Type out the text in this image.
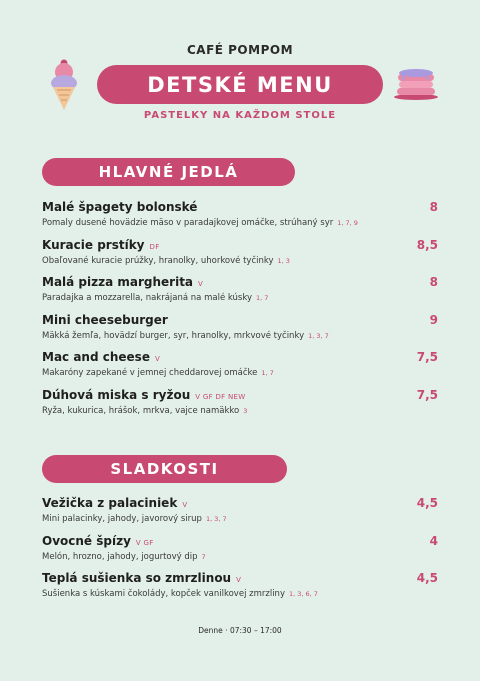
CAFÉ POMPOM
DETSKÉ MENU
PASTELKY NA KAŽDOM STOLE
HLAVNÉ JEDLÁ
Malé špagety bolonské	8
Pomaly dusené hovädzie mäso v paradajkovej omáčke, strúhaný syr 1, 7, 9
Kuracie prstíky DF	8,5
Obaľované kuracie prúžky, hranolky, uhorkové tyčinky 1, 3
Malá pizza margherita V	8
Paradajka a mozzarella, nakrájaná na malé kúsky 1, 7
Mini cheeseburger	9
Mäkká žemľa, hovädzí burger, syr, hranolky, mrkvové tyčinky 1, 3, 7
Mac and cheese V	7,5
Makaróny zapekané v jemnej cheddarovej omáčke 1, 7
Dúhová miska s ryžou V GF DF NEW	7,5
Ryža, kukurica, hrášok, mrkva, vajce namäkko 3
SLADKOSTI
Vežička z palaciniek V	4,5
Mini palacinky, jahody, javorový sirup 1, 3, 7
Ovocné špízy V GF	4
Melón, hrozno, jahody, jogurtový dip 7
Teplá sušienka so zmrzlinou V	4,5
Sušienka s kúskami čokolády, kopček vanilkovej zmrzliny 1, 3, 6, 7
Denne · 07:30 – 17:00
